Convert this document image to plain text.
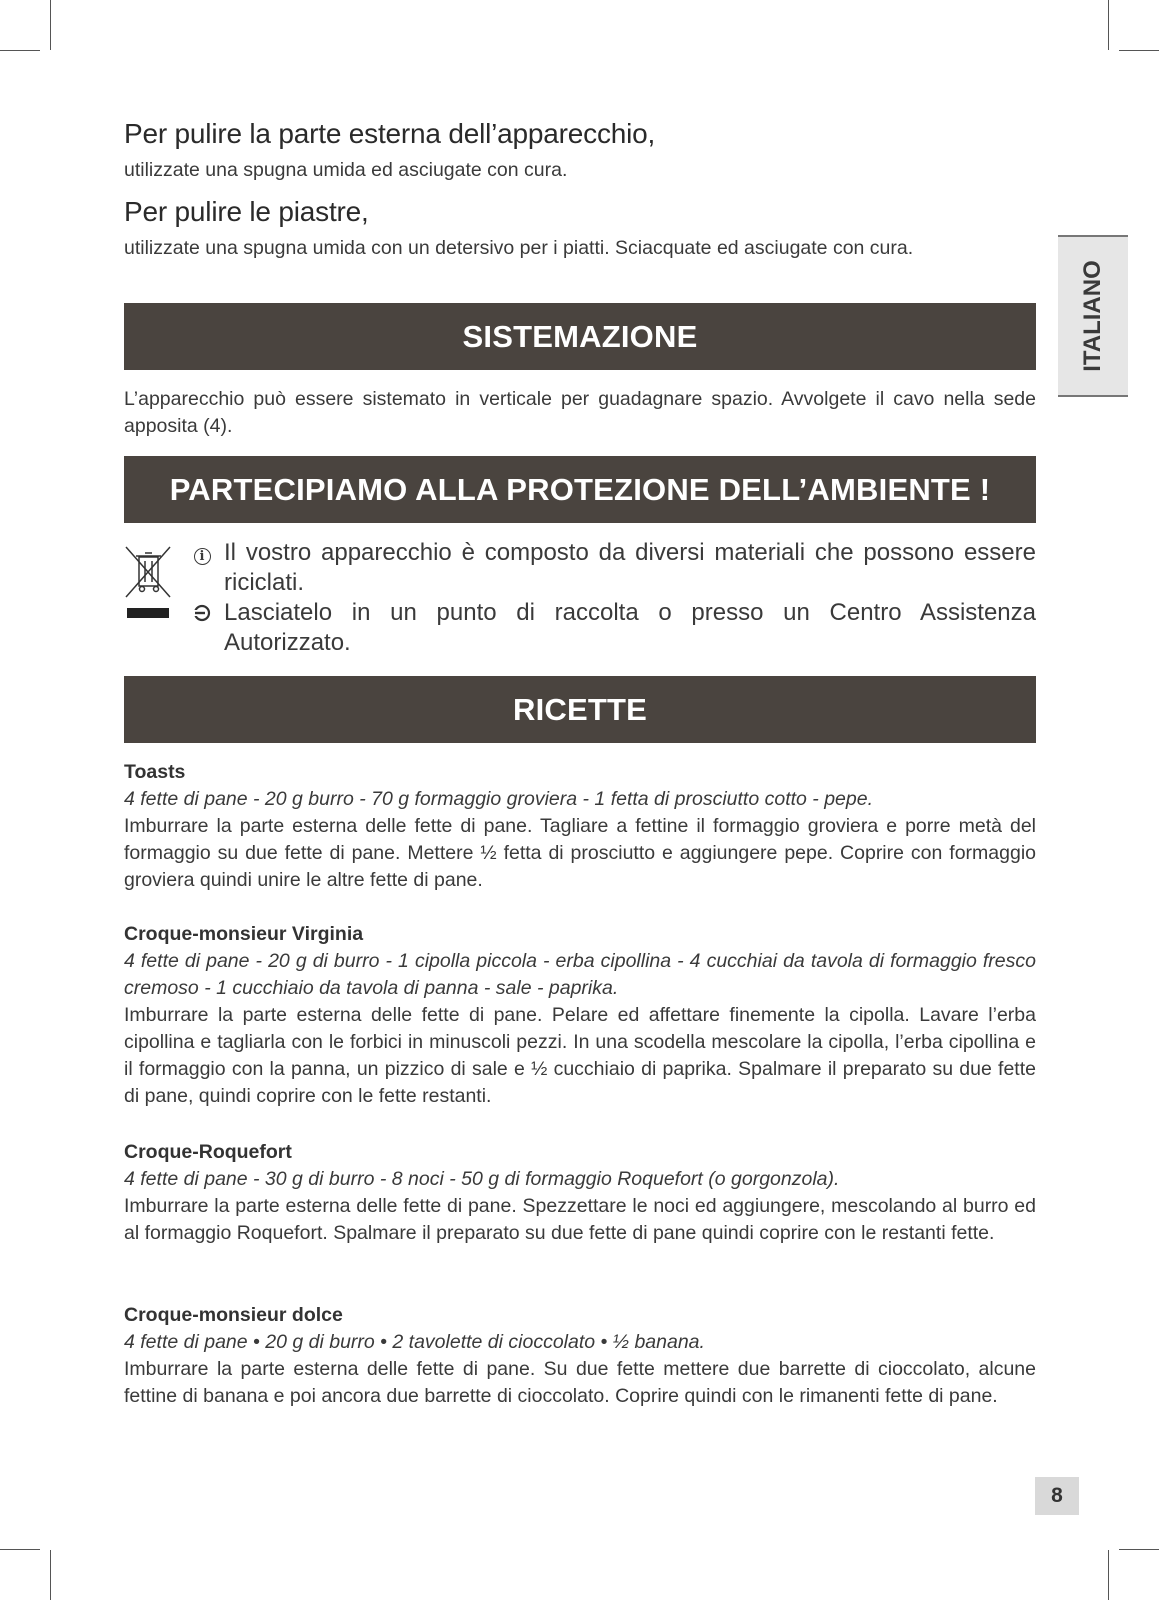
Per pulire la parte esterna dell’apparecchio,

utilizzate una spugna umida ed asciugate con cura.

Per pulire le piastre,

utilizzate una spugna umida con un detersivo per i piatti. Sciacquate ed asciugate con cura.

ITALIANO
SISTEMAZIONE

L’apparecchio può essere sistemato in verticale per guadagnare spazio. Avvolgete il cavo nella sede apposita (4).

PARTECIPIAMO ALLA PROTEZIONE DELL’AMBIENTE !
i Il vostro apparecchio è composto da diversi materiali che possono essere riciclati.
Lasciatelo in un punto di raccolta o presso un Centro Assistenza Autorizzato.
RICETTE
Toasts

4 fette di pane - 20 g burro - 70 g formaggio groviera - 1 fetta di prosciutto cotto - pepe.

Imburrare la parte esterna delle fette di pane. Tagliare a fettine il formaggio groviera e porre metà del formaggio su due fette di pane. Mettere ½ fetta di prosciutto e aggiungere pepe. Coprire con formaggio groviera quindi unire le altre fette di pane.

Croque-monsieur Virginia

4 fette di pane - 20 g di burro - 1 cipolla piccola - erba cipollina - 4 cucchiai da tavola di formaggio fresco cremoso - 1 cucchiaio da tavola di panna - sale - paprika.

Imburrare la parte esterna delle fette di pane. Pelare ed affettare finemente la cipolla. Lavare l’erba cipollina e tagliarla con le forbici in minuscoli pezzi. In una scodella mescolare la cipolla, l’erba cipollina e il formaggio con la panna, un pizzico di sale e ½ cucchiaio di paprika. Spalmare il preparato su due fette di pane, quindi coprire con le fette restanti.

Croque-Roquefort

4 fette di pane - 30 g di burro - 8 noci - 50 g di formaggio Roquefort (o gorgonzola).

Imburrare la parte esterna delle fette di pane. Spezzettare le noci ed aggiungere, mescolando al burro ed al formaggio Roquefort. Spalmare il preparato su due fette di pane quindi coprire con le restanti fette.

Croque-monsieur dolce

4 fette di pane • 20 g di burro • 2 tavolette di cioccolato • ½ banana.

Imburrare la parte esterna delle fette di pane. Su due fette mettere due barrette di cioccolato, alcune fettine di banana e poi ancora due barrette di cioccolato. Coprire quindi con le rimanenti fette di pane.

8
